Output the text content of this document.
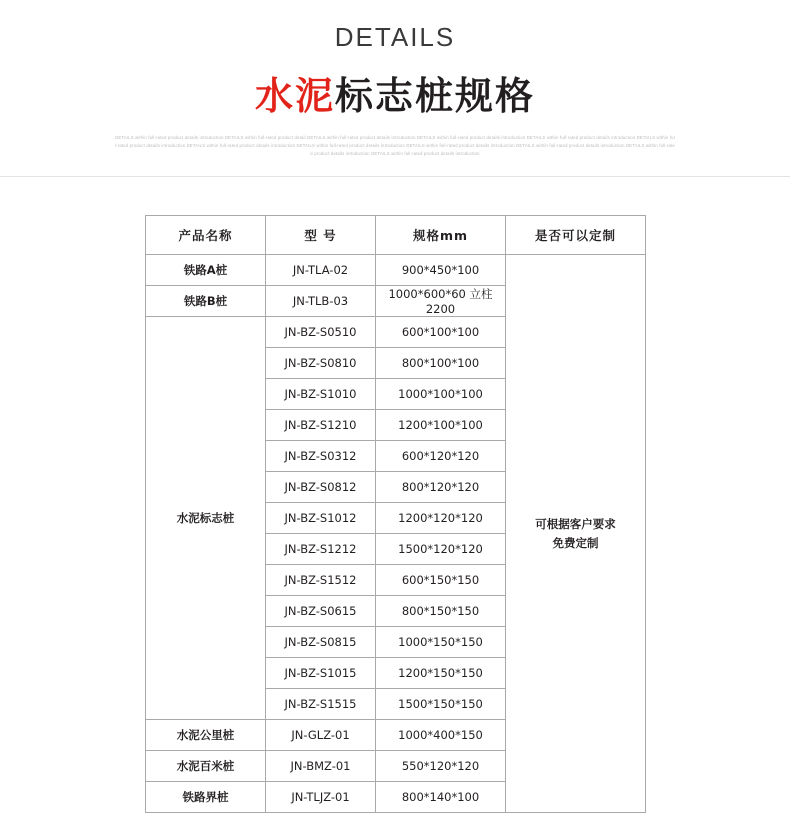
DETAILS
水泥标志桩规格
DETAILS within full-rated product details introduction DETAILS within full-rated product detail DETAILS within full-rated product details introduction DETAILS within full-rated product details introduction DETAILS within full-rated product details introduction DETAILS within full-rated product details introduction DETAILS within full-rated product details introduction DETAILS within full-rated product details introduction DETAILS within full-rated product details introduction DETAILS within full-rated product details introduction DETAILS within full-rated product details introduction DETAILS within full-rated product details introduction
产品名称	型 号	规格mm	是否可以定制
铁路A桩	JN-TLA-02	900*450*100	可根据客户要求
免费定制

铁路B桩	JN-TLB-03	1000*600*60 立柱2200	
水泥标志桩	JN-BZ-S0510	600*100*100	
	JN-BZ-S0810	800*100*100	
	JN-BZ-S1010	1000*100*100	
	JN-BZ-S1210	1200*100*100	
	JN-BZ-S0312	600*120*120	
	JN-BZ-S0812	800*120*120	
	JN-BZ-S1012	1200*120*120	
	JN-BZ-S1212	1500*120*120	
	JN-BZ-S1512	600*150*150	
	JN-BZ-S0615	800*150*150	
	JN-BZ-S0815	1000*150*150	
	JN-BZ-S1015	1200*150*150	
	JN-BZ-S1515	1500*150*150	
水泥公里桩	JN-GLZ-01	1000*400*150	
水泥百米桩	JN-BMZ-01	550*120*120	
铁路界桩	JN-TLJZ-01	800*140*100	
